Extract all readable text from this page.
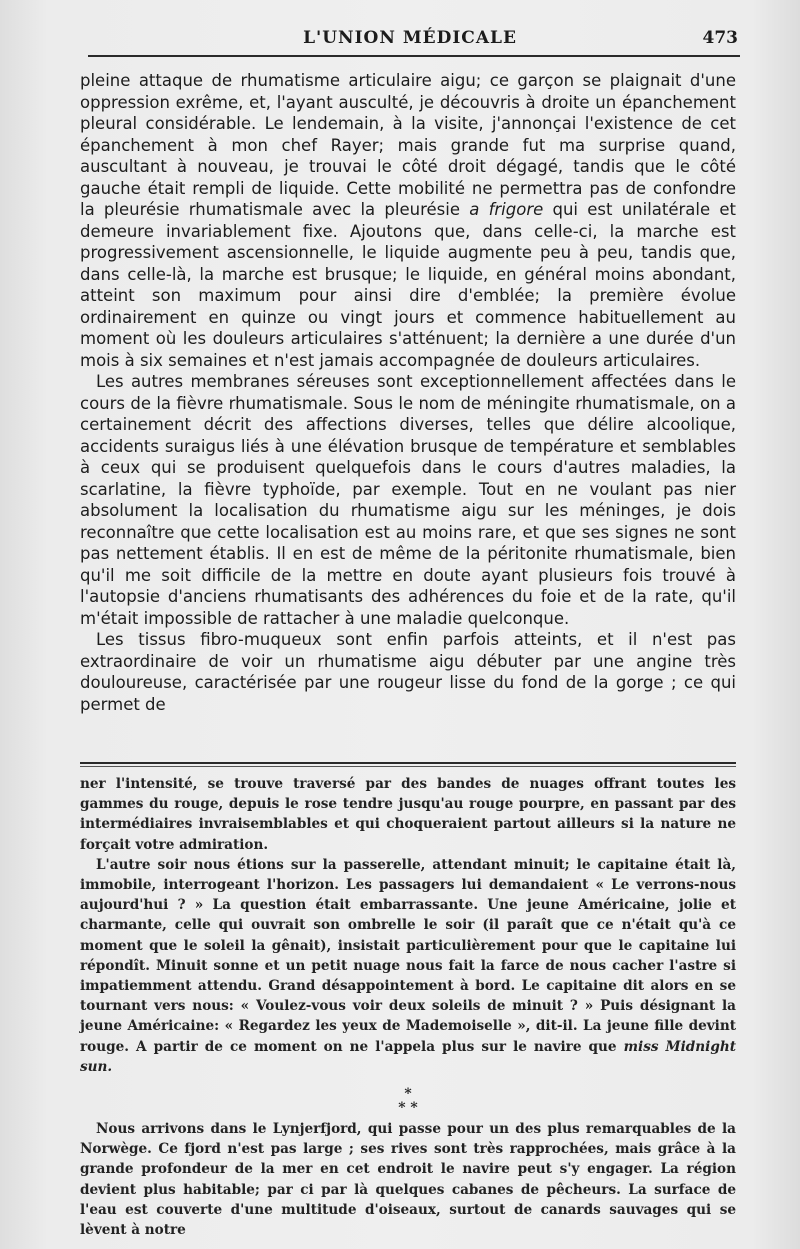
L'UNION MÉDICALE	473

pleine attaque de rhumatisme articulaire aigu; ce garçon se plaignait d'une oppression exrême, et, l'ayant ausculté, je découvris à droite un épanchement pleural considérable. Le lendemain, à la visite, j'annonçai l'existence de cet épanchement à mon chef Rayer; mais grande fut ma surprise quand, auscultant à nouveau, je trouvai le côté droit dégagé, tandis que le côté gauche était rempli de liquide. Cette mobilité ne permettra pas de confondre la pleurésie rhumatismale avec la pleurésie a frigore qui est unilatérale et demeure invariablement fixe. Ajoutons que, dans celle-ci, la marche est progressivement ascensionnelle, le liquide augmente peu à peu, tandis que, dans celle-là, la marche est brusque; le liquide, en général moins abondant, atteint son maximum pour ainsi dire d'emblée; la première évolue ordinairement en quinze ou vingt jours et commence habituellement au moment où les douleurs articulaires s'atténuent; la dernière a une durée d'un mois à six semaines et n'est jamais accompagnée de douleurs articulaires.

Les autres membranes séreuses sont exceptionnellement affectées dans le cours de la fièvre rhumatismale. Sous le nom de méningite rhumatismale, on a certainement décrit des affections diverses, telles que délire alcoolique, accidents suraigus liés à une élévation brusque de température et semblables à ceux qui se produisent quelquefois dans le cours d'autres maladies, la scarlatine, la fièvre typhoïde, par exemple. Tout en ne voulant pas nier absolument la localisation du rhumatisme aigu sur les méninges, je dois reconnaître que cette localisation est au moins rare, et que ses signes ne sont pas nettement établis. Il en est de même de la péritonite rhumatismale, bien qu'il me soit difficile de la mettre en doute ayant plusieurs fois trouvé à l'autopsie d'anciens rhumatisants des adhérences du foie et de la rate, qu'il m'était impossible de rattacher à une maladie quelconque.

Les tissus fibro-muqueux sont enfin parfois atteints, et il n'est pas extraordinaire de voir un rhumatisme aigu débuter par une angine très douloureuse, caractérisée par une rougeur lisse du fond de la gorge ; ce qui permet de

ner l'intensité, se trouve traversé par des bandes de nuages offrant toutes les gammes du rouge, depuis le rose tendre jusqu'au rouge pourpre, en passant par des intermédiaires invraisemblables et qui choqueraient partout ailleurs si la nature ne forçait votre admiration.

L'autre soir nous étions sur la passerelle, attendant minuit; le capitaine était là, immobile, interrogeant l'horizon. Les passagers lui demandaient « Le verrons-nous aujourd'hui ? » La question était embarrassante. Une jeune Américaine, jolie et charmante, celle qui ouvrait son ombrelle le soir (il paraît que ce n'était qu'à ce moment que le soleil la gênait), insistait particulièrement pour que le capitaine lui répondît. Minuit sonne et un petit nuage nous fait la farce de nous cacher l'astre si impatiemment attendu. Grand désappointement à bord. Le capitaine dit alors en se tournant vers nous: « Voulez-vous voir deux soleils de minuit ? » Puis désignant la jeune Américaine: « Regardez les yeux de Mademoiselle », dit-il. La jeune fille devint rouge. A partir de ce moment on ne l'appela plus sur le navire que miss Midnight sun.

*
* *

Nous arrivons dans le Lynjerfjord, qui passe pour un des plus remarquables de la Norwège. Ce fjord n'est pas large ; ses rives sont très rapprochées, mais grâce à la grande profondeur de la mer en cet endroit le navire peut s'y engager. La région devient plus habitable; par ci par là quelques cabanes de pêcheurs. La surface de l'eau est couverte d'une multitude d'oiseaux, surtout de canards sauvages qui se lèvent à notre
